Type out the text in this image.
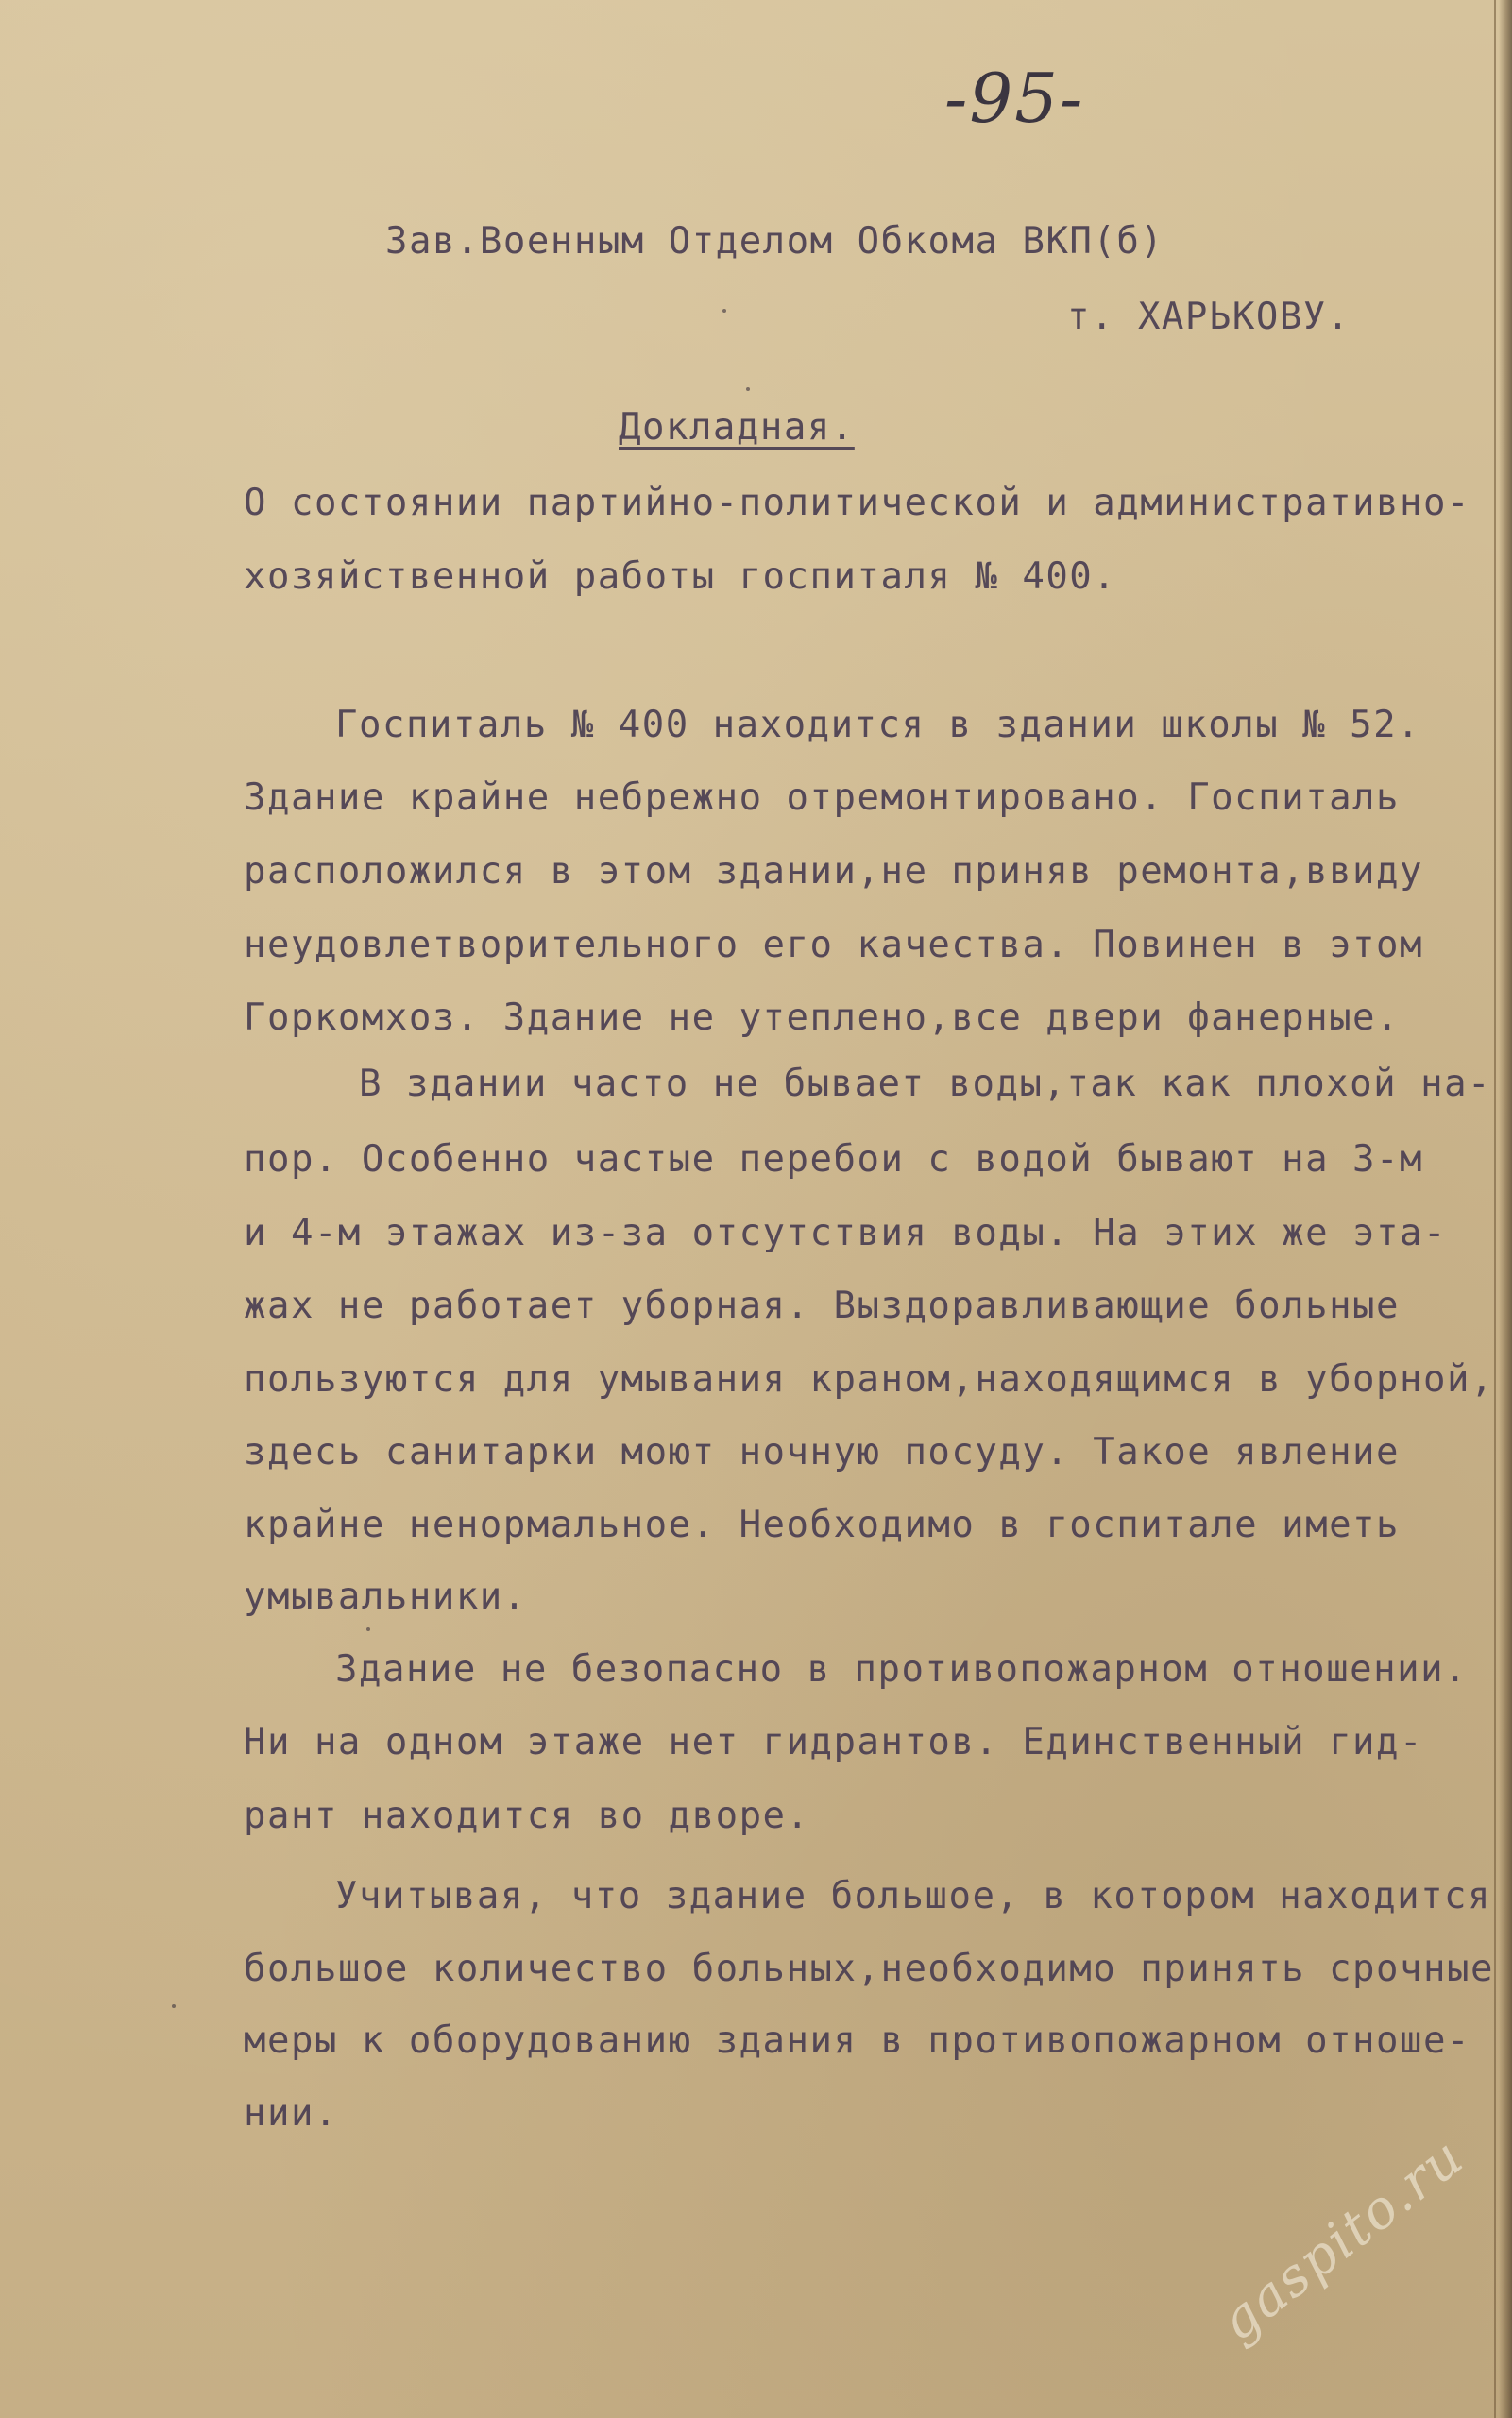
-95-
Зав.Военным Отделом Обкома ВКП(б)
т. ХАРЬКОВУ.
Докладная.
О состоянии партийно-политической и административно-
хозяйственной работы госпиталя № 400.
Госпиталь № 400 находится в здании школы № 52.
Здание крайне небрежно отремонтировано. Госпиталь
расположился в этом здании,не приняв ремонта,ввиду
неудовлетворительного его качества. Повинен в этом
Горкомхоз. Здание не утеплено,все двери фанерные.
В здании часто не бывает воды,так как плохой на-
пор. Особенно частые перебои с водой бывают на 3-м
и 4-м этажах из-за отсутствия воды. На этих же эта-
жах не работает уборная. Выздоравливающие больные
пользуются для умывания краном,находящимся в уборной,
здесь санитарки моют ночную посуду. Такое явление
крайне ненормальное. Необходимо в госпитале иметь
умывальники.
Здание не безопасно в противопожарном отношении.
Ни на одном этаже нет гидрантов. Единственный гид-
рант находится во дворе.
Учитывая, что здание большое, в котором находится
большое количество больных,необходимо принять срочные
меры к оборудованию здания в противопожарном отноше-
нии.
gaspito.ru
